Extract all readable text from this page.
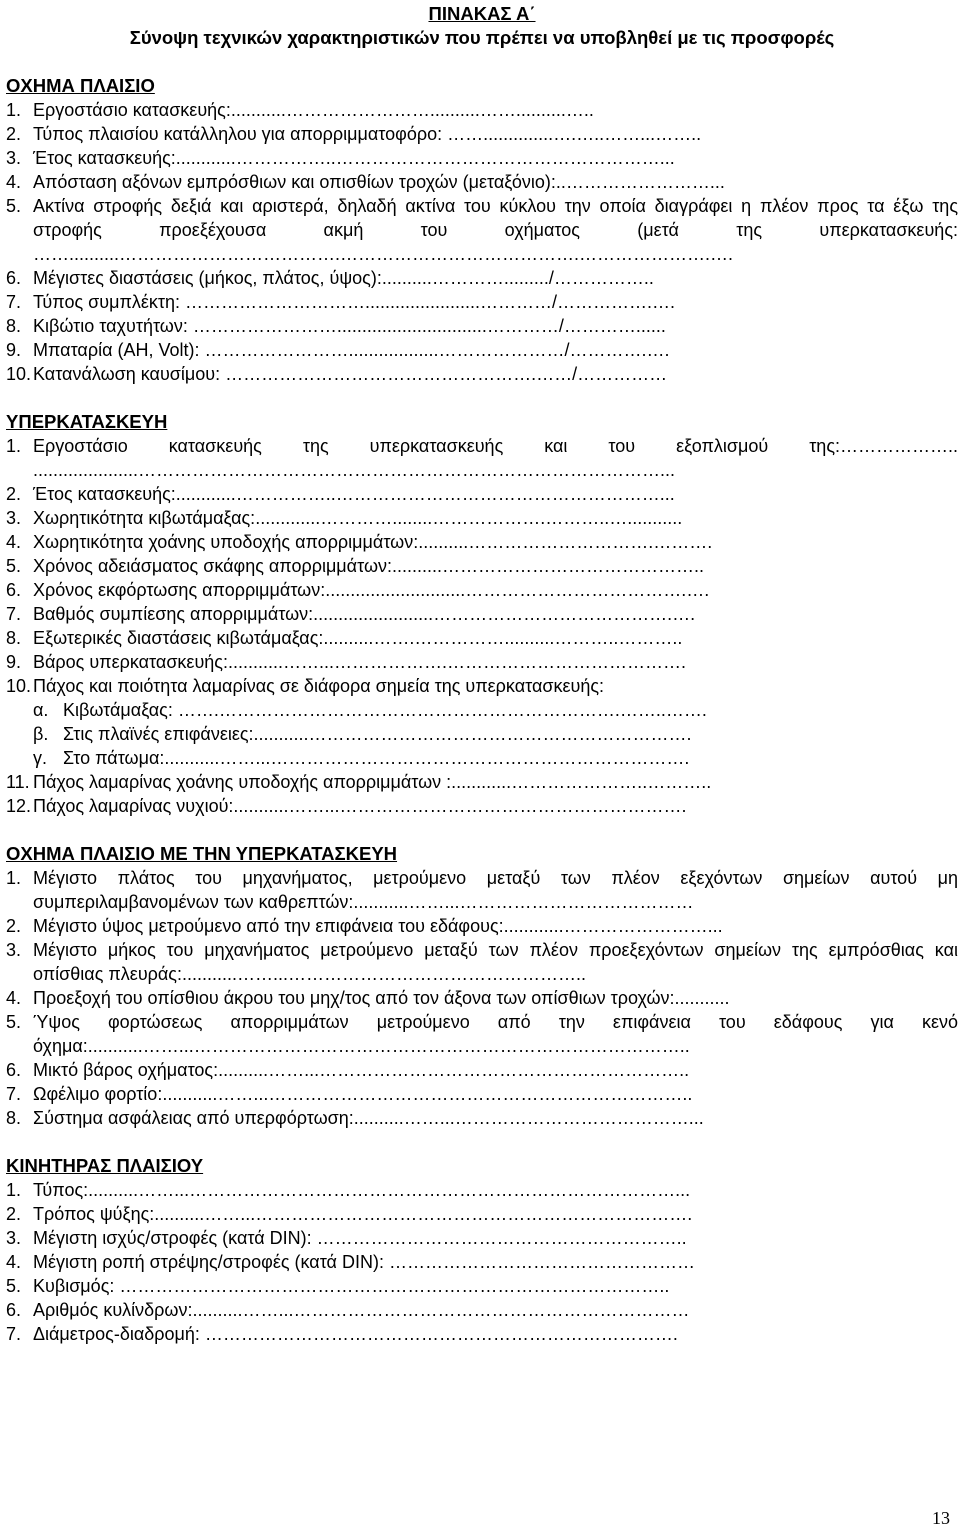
ΠΙΝΑΚΑΣ Α΄
Σύνοψη τεχνικών χαρακτηριστικών που πρέπει να υποβληθεί με τις προσφορές
ΟΧΗΜΑ ΠΛΑΙΣΙΟ
1. Εργοστάσιο κατασκευής:...........……………………..........……..........…..
2. Τύπος πλαισίου κατάλληλου για απορριμματοφόρο: ……..............….…..……...……..
3. Έτος κατασκευής:............……………..………………………………………………...
4. Απόσταση αξόνων εμπρόσθιων και οπισθίων τροχών (μεταξόνιο):..……………………...
5. Ακτίνα στροφής δεξιά και αριστερά, δηλαδή ακτίνα του κύκλου την οποία διαγράφει η πλέον προς τα έξω της στροφής προεξέχουσα ακμή του οχήματος (μετά της υπερκατασκευής: ……..........……………………………….………………………………….………………….….
6. Μέγιστες διαστάσεις (μήκος, πλάτος, ύψος):..........…………........./……………..
7. Τύπος συμπλέκτη: ………………………….......................…………/…………….….
8. Κιβώτιο ταχυτήτων: ……………………..............................…………/…………......
9. Μπαταρία (ΑΗ, Volt): ……………………..................…………………/………….….
10. Κατανάλωση καυσίμου: …………………………………………….……/……………
ΥΠΕΡΚΑΤΑΣΚΕΥΗ
1. Εργοστάσιο κατασκευής της υπερκατασκευής και του εξοπλισμού της:……………….. .....................……………………………………………………………………………...
2. Έτος κατασκευής:............……………..………………………………………………...
3. Χωρητικότητα κιβωτάμαξας:.............…………........……………….………..…...........
4. Χωρητικότητα χοάνης υποδοχής απορριμμάτων:..........………………………….……….
5. Χρόνος αδειάσματος σκάφης απορριμμάτων:..........……………………………………..
6. Χρόνος εκφόρτωσης απορριμμάτων:............................……………………………….….
7. Βαθμός συμπίεσης απορριμμάτων:........................………………………………….….
8. Εξωτερικές διαστάσεις κιβωτάμαξας:..........…….……………..........………..………..
9. Βάρος υπερκατασκευής:...........……...……………….………………………………….
10. Πάχος και ποιότητα λαμαρίνας σε διάφορα σημεία της υπερκατασκευής:
α. Κιβωτάμαξας: …….………………………………………………………….……..…….
β. Στις πλαϊνές επιφάνειες:...........……………………………………………………….
γ. Στο πάτωμα:...........……...…………………………………………………………….
11. Πάχος λαμαρίνας χοάνης υποδοχής απορριμμάτων :............…………………..………..
12. Πάχος λαμαρίνας νυχιού:...........……...………………………………………………….
ΟΧΗΜΑ ΠΛΑΙΣΙΟ ΜΕ ΤΗΝ ΥΠΕΡΚΑΤΑΣΚΕΥΗ
1. Μέγιστο πλάτος του μηχανήματος, μετρούμενο μεταξύ των πλέον εξεχόντων σημείων αυτού μη συμπεριλαμβανομένων των καθρεπτών:...........……...…………………………………
2. Μέγιστο ύψος μετρούμενο από την επιφάνεια του εδάφους:............……………………...
3. Μέγιστο μήκος του μηχανήματος μετρούμενο μεταξύ των πλέον προεξεχόντων σημείων της εμπρόσθιας και οπίσθιας πλευράς:...........……...…………………………………………..
4. Προεξοχή του οπίσθιου άκρου του μηχ/τος από τον άξονα των οπίσθιων τροχών:...........
5. Ύψος φορτώσεως απορριμμάτων μετρούμενο από την επιφάνεια του εδάφους για κενό όχημα:...........……...………………………………………………………………………..
6. Μικτό βάρος οχήματος:..........……...……………………………………………………..
7. Ωφέλιμο φορτίο:...........……...……………………………………………………………..
8. Σύστημα ασφάλειας από υπερφόρτωση:..........……...…………………………………...
ΚΙΝΗΤΗΡΑΣ ΠΛΑΙΣΙΟΥ
1. Τύπος:..........……...………………………………………………………………………...
2. Τρόπος ψύξης:..........……...……………………………………………………………….
3. Μέγιστη ισχύς/στροφές (κατά DIN): ……………………………………………………..
4. Μέγιστη ροπή στρέψης/στροφές (κατά DIN): ……………………………………………
5. Κυβισμός: ………………………………………………………………………………..
6. Αριθμός κυλίνδρων:..........……...…………………………………………………………
7. Διάμετρος-διαδρομή: …………………………………………………………………….
13
